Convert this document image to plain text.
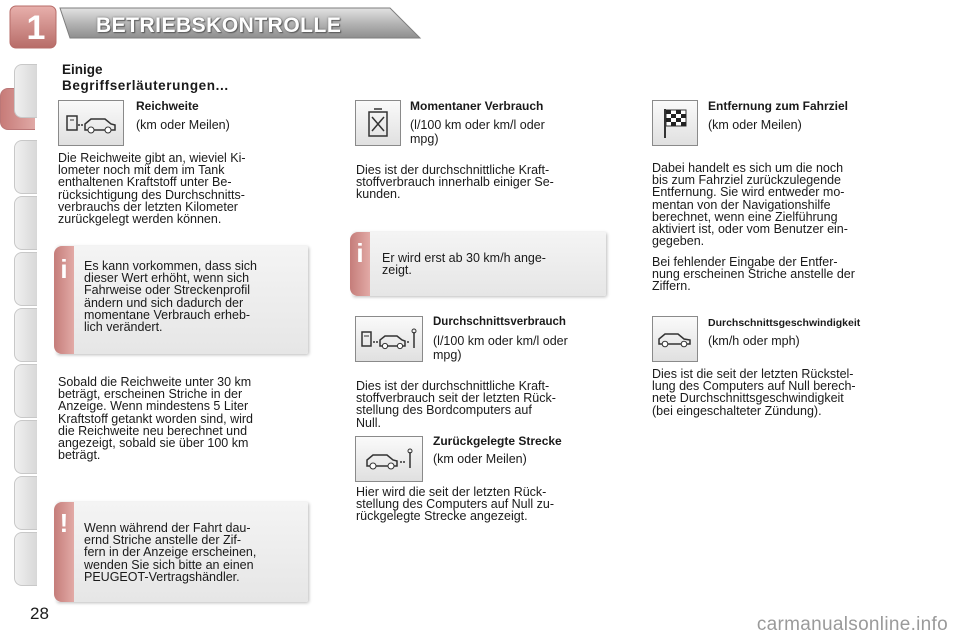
1	BETRIEBSKONTROLLE
28
Einige
Begriffserläuterungen...
Reichweite
(km oder Meilen)
Die Reichweite gibt an, wieviel Ki-
lometer noch mit dem im Tank
enthaltenen Kraftstoff unter Be-
rücksichtigung des Durchschnitts-
verbrauchs der letzten Kilometer
zurückgelegt werden können.
i	Es kann vorkommen, dass sich
dieser Wert erhöht, wenn sich
Fahrweise oder Streckenprofil
ändern und sich dadurch der
momentane Verbrauch erheb-
lich verändert.
Sobald die Reichweite unter 30 km
beträgt, erscheinen Striche in der
Anzeige. Wenn mindestens 5 Liter
Kraftstoff getankt worden sind, wird
die Reichweite neu berechnet und
angezeigt, sobald sie über 100 km
beträgt.
!	Wenn während der Fahrt dau-
ernd Striche anstelle der Zif-
fern in der Anzeige erscheinen,
wenden Sie sich bitte an einen
PEUGEOT-Vertragshändler.
Momentaner Verbrauch
(l/100 km oder km/l oder
mpg)
Dies ist der durchschnittliche Kraft-
stoffverbrauch innerhalb einiger Se-
kunden.
i	Er wird erst ab 30 km/h ange-
zeigt.
Durchschnittsverbrauch
(l/100 km oder km/l oder
mpg)
Dies ist der durchschnittliche Kraft-
stoffverbrauch seit der letzten Rück-
stellung des Bordcomputers auf
Null.
Zurückgelegte Strecke
(km oder Meilen)
Hier wird die seit der letzten Rück-
stellung des Computers auf Null zu-
rückgelegte Strecke angezeigt.
Entfernung zum Fahrziel
(km oder Meilen)
Dabei handelt es sich um die noch
bis zum Fahrziel zurückzulegende
Entfernung. Sie wird entweder mo-
mentan von der Navigationshilfe
berechnet, wenn eine Zielführung
aktiviert ist, oder vom Benutzer ein-
gegeben.
Bei fehlender Eingabe der Entfer-
nung erscheinen Striche anstelle der
Ziffern.
Durchschnittsgeschwindigkeit
(km/h oder mph)
Dies ist die seit der letzten Rückstel-
lung des Computers auf Null berech-
nete Durchschnittsgeschwindigkeit
(bei eingeschalteter Zündung).
carmanualsonline.info
